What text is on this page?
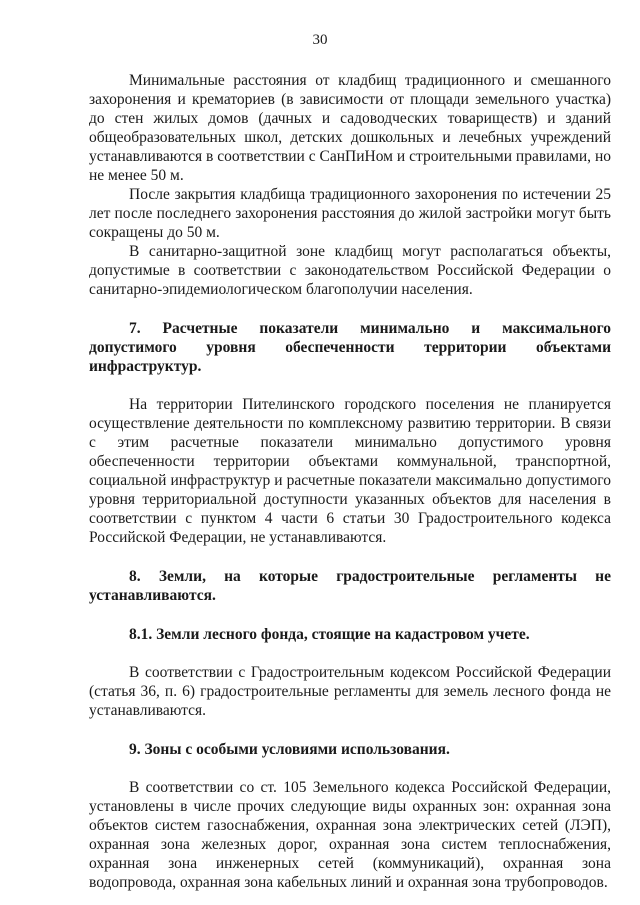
30

Минимальные расстояния от кладбищ традиционного и смешанного захоронения и крематориев (в зависимости от площади земельного участка) до стен жилых домов (дачных и садоводческих товариществ) и зданий общеобразовательных школ, детских дошкольных и лечебных учреждений устанавливаются в соответствии с СанПиНом и строительными правилами, но не менее 50 м.

После закрытия кладбища традиционного захоронения по истечении 25 лет после последнего захоронения расстояния до жилой застройки могут быть сокращены до 50 м.

В санитарно-защитной зоне кладбищ могут располагаться объекты, допустимые в соответствии с законодательством Российской Федерации о санитарно-эпидемиологическом благополучии населения.

7. Расчетные показатели минимально и максимального допустимого уровня обеспеченности территории объектами инфраструктур.

На территории Пителинского городского поселения не планируется осуществление деятельности по комплексному развитию территории. В связи с этим расчетные показатели минимально допустимого уровня обеспеченности территории объектами коммунальной, транспортной, социальной инфраструктур и расчетные показатели максимально допустимого уровня территориальной доступности указанных объектов для населения в соответствии с пунктом 4 части 6 статьи 30 Градостроительного кодекса Российской Федерации, не устанавливаются.

8. Земли, на которые градостроительные регламенты не устанавливаются.

8.1. Земли лесного фонда, стоящие на кадастровом учете.

В соответствии с Градостроительным кодексом Российской Федерации (статья 36, п. 6) градостроительные регламенты для земель лесного фонда не устанавливаются.

9. Зоны с особыми условиями использования.

В соответствии со ст. 105 Земельного кодекса Российской Федерации, установлены в числе прочих следующие виды охранных зон: охранная зона объектов систем газоснабжения, охранная зона электрических сетей (ЛЭП), охранная зона железных дорог, охранная зона систем теплоснабжения, охранная зона инженерных сетей (коммуникаций), охранная зона водопровода, охранная зона кабельных линий и охранная зона трубопроводов.
